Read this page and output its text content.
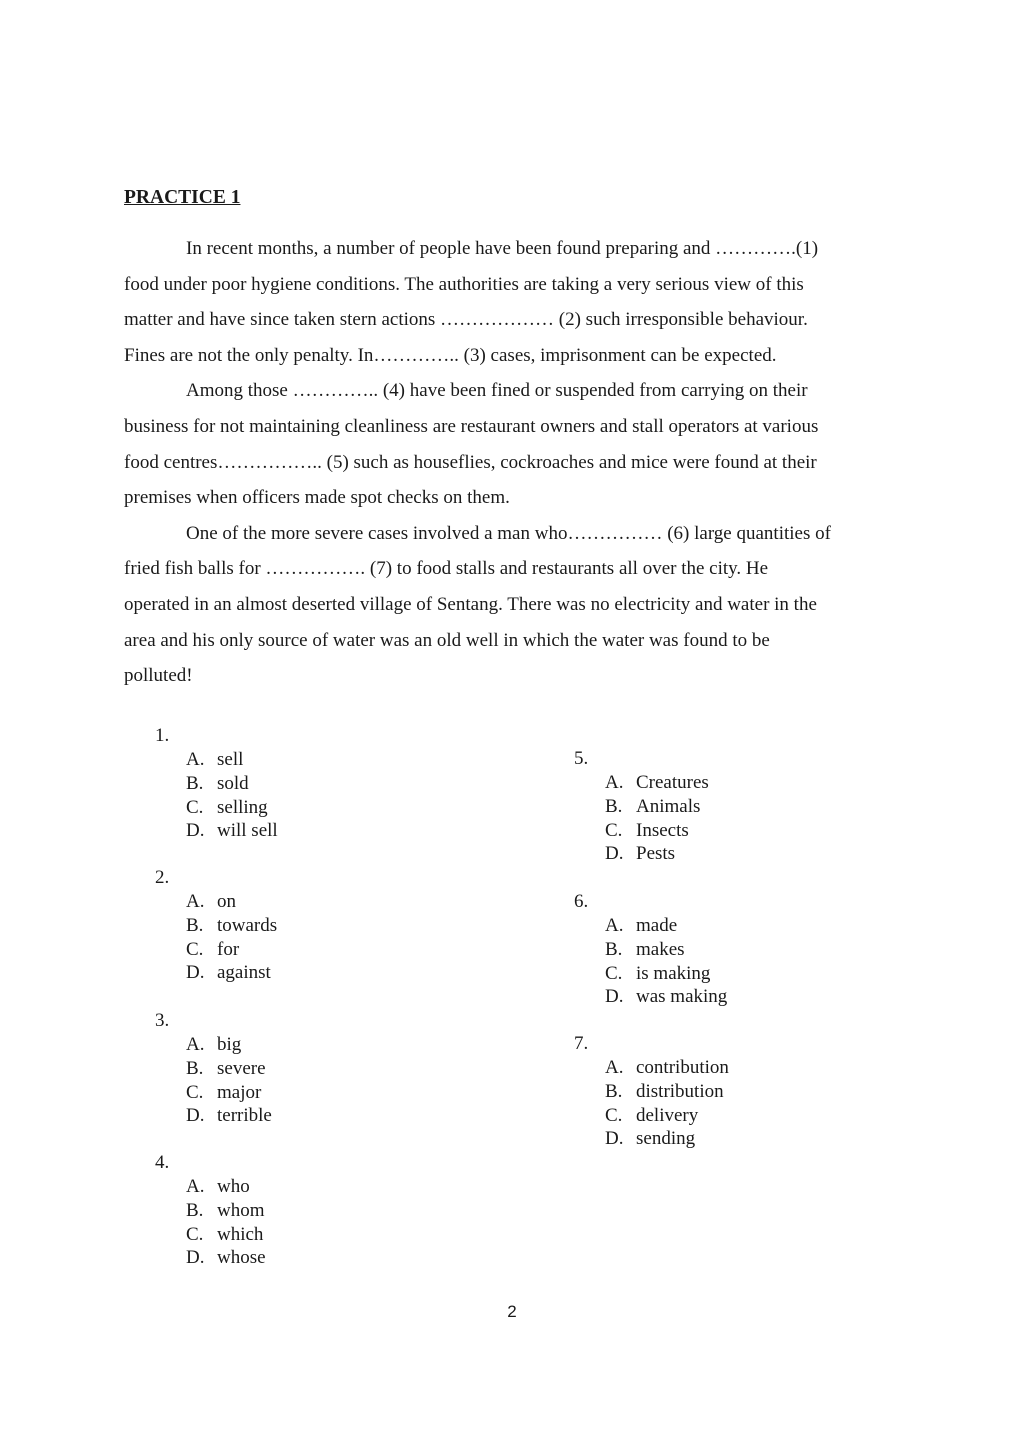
PRACTICE 1
In recent months, a number of people have been found preparing and ………….(1)
food under poor hygiene conditions. The authorities are taking a very serious view of this
matter and have since taken stern actions ……………… (2) such irresponsible behaviour.
Fines are not the only penalty. In………….. (3) cases, imprisonment can be expected.
Among those ………….. (4) have been fined or suspended from carrying on their
business for not maintaining cleanliness are restaurant owners and stall operators at various
food centres…………….. (5) such as houseflies, cockroaches and mice were found at their
premises when officers made spot checks on them.
One of the more severe cases involved a man who…………… (6) large quantities of
fried fish balls for ……………. (7) to food stalls and restaurants all over the city. He
operated in an almost deserted village of Sentang. There was no electricity and water in the
area and his only source of water was an old well in which the water was found to be
polluted!
1.
A. sell
B. sold
C. selling
D. will sell
2.
A. on
B. towards
C. for
D. against
3.
A. big
B. severe
C. major
D. terrible
4.
A. who
B. whom
C. which
D. whose
5.
A. Creatures
B. Animals
C. Insects
D. Pests
6.
A. made
B. makes
C. is making
D. was making
7.
A. contribution
B. distribution
C. delivery
D. sending
2
